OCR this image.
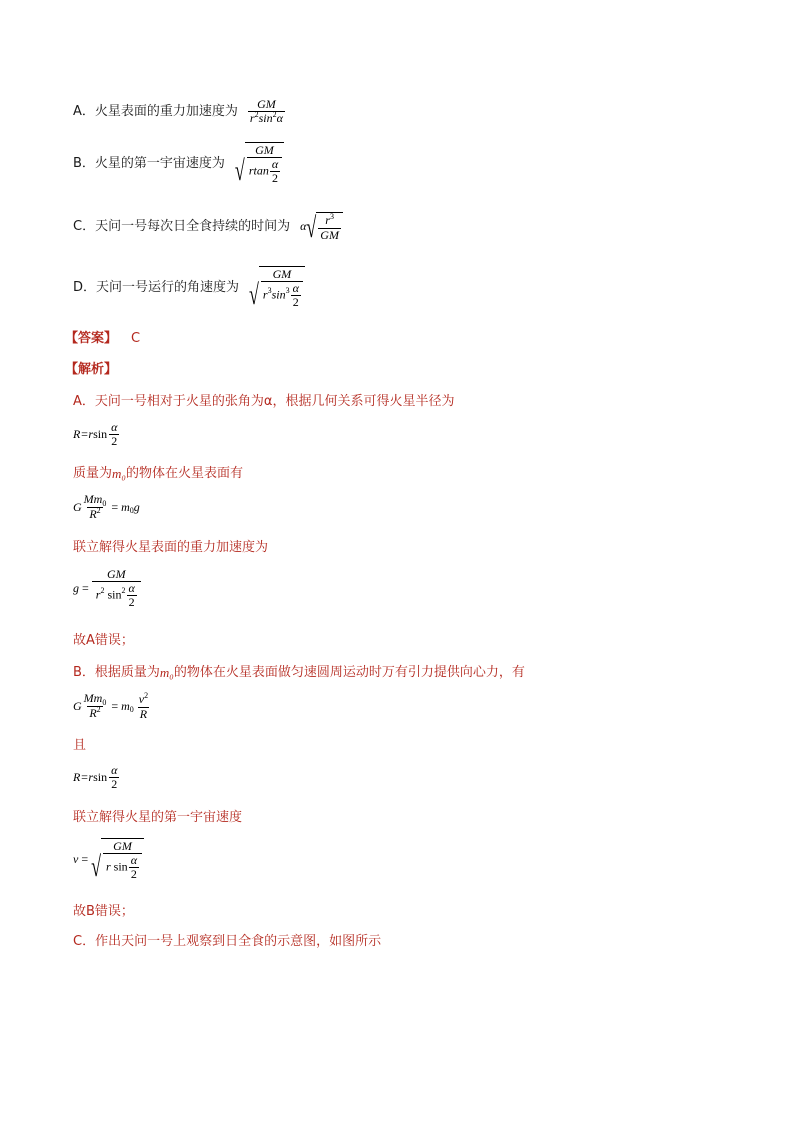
A．火星表面的重力加速度为 $\frac{GM}{r^2\sin^2\alpha}$
B．火星的第一宇宙速度为 √ $\frac{GM}{rtan \frac{\alpha}{2}}$
C．天问一号每次日全食持续的时间为 α √ $\frac{r^3}{GM}$
D．天问一号运行的角速度为 √ $\frac{GM}{r^3\sin^3 \frac{\alpha}{2}}$
【答案】 C
【解析】
A．天问一号相对于火星的张角为α，根据几何关系可得火星半径为
R=r $\sin \frac{\alpha}{2}$
质量为 m₀ 的物体在火星表面有
G $\frac{Mm_0}{R^2} = m$ 0 g
联立解得火星表面的重力加速度为
$g = \frac{GM}{r^2 \sin^2 \frac{\alpha}{2}}$
故A错误；
B．根据质量为 m₀ 的物体在火星表面做匀速圆周运动时万有引力提供向心力，有
G $\frac{Mm_0}{R^2} = m$ 0
$\frac{v^2}{R}$
且
R=r $\sin \frac{\alpha}{2}$
联立解得火星的第一宇宙速度
v = √ $\frac{GM}{r \sin \frac{\alpha}{2}}$
故B错误；
C．作出天问一号上观察到日全食的示意图，如图所示
